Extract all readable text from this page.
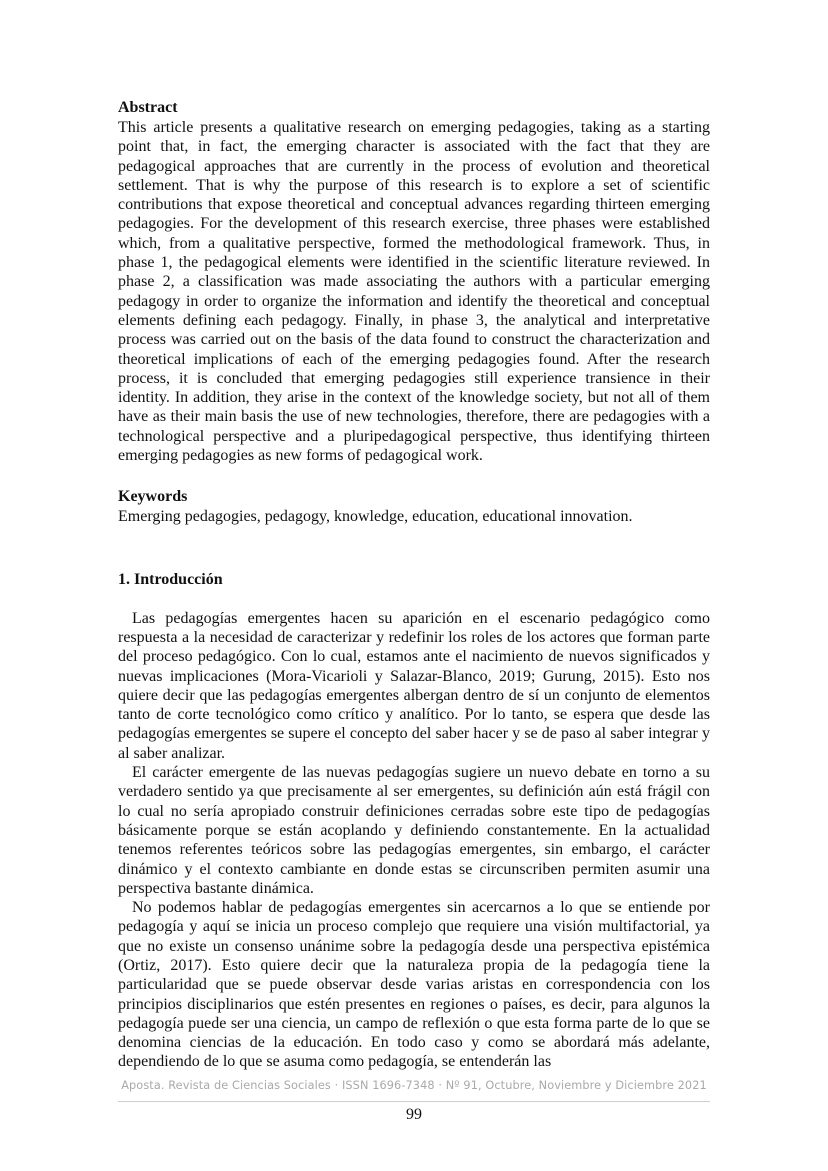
Abstract

This article presents a qualitative research on emerging pedagogies, taking as a starting point that, in fact, the emerging character is associated with the fact that they are pedagogical approaches that are currently in the process of evolution and theoretical settlement. That is why the purpose of this research is to explore a set of scientific contributions that expose theoretical and conceptual advances regarding thirteen emerging pedagogies. For the development of this research exercise, three phases were established which, from a qualitative perspective, formed the methodological framework. Thus, in phase 1, the pedagogical elements were identified in the scientific literature reviewed. In phase 2, a classification was made associating the authors with a particular emerging pedagogy in order to organize the information and identify the theoretical and conceptual elements defining each pedagogy. Finally, in phase 3, the analytical and interpretative process was carried out on the basis of the data found to construct the characterization and theoretical implications of each of the emerging pedagogies found. After the research process, it is concluded that emerging pedagogies still experience transience in their identity. In addition, they arise in the context of the knowledge society, but not all of them have as their main basis the use of new technologies, therefore, there are pedagogies with a technological perspective and a pluripedagogical perspective, thus identifying thirteen emerging pedagogies as new forms of pedagogical work.

Keywords

Emerging pedagogies, pedagogy, knowledge, education, educational innovation.

1. Introducción

Las pedagogías emergentes hacen su aparición en el escenario pedagógico como respuesta a la necesidad de caracterizar y redefinir los roles de los actores que forman parte del proceso pedagógico. Con lo cual, estamos ante el nacimiento de nuevos significados y nuevas implicaciones (Mora-Vicarioli y Salazar-Blanco, 2019; Gurung, 2015). Esto nos quiere decir que las pedagogías emergentes albergan dentro de sí un conjunto de elementos tanto de corte tecnológico como crítico y analítico. Por lo tanto, se espera que desde las pedagogías emergentes se supere el concepto del saber hacer y se de paso al saber integrar y al saber analizar.

El carácter emergente de las nuevas pedagogías sugiere un nuevo debate en torno a su verdadero sentido ya que precisamente al ser emergentes, su definición aún está frágil con lo cual no sería apropiado construir definiciones cerradas sobre este tipo de pedagogías básicamente porque se están acoplando y definiendo constantemente. En la actualidad tenemos referentes teóricos sobre las pedagogías emergentes, sin embargo, el carácter dinámico y el contexto cambiante en donde estas se circunscriben permiten asumir una perspectiva bastante dinámica.

No podemos hablar de pedagogías emergentes sin acercarnos a lo que se entiende por pedagogía y aquí se inicia un proceso complejo que requiere una visión multifactorial, ya que no existe un consenso unánime sobre la pedagogía desde una perspectiva epistémica (Ortiz, 2017). Esto quiere decir que la naturaleza propia de la pedagogía tiene la particularidad que se puede observar desde varias aristas en correspondencia con los principios disciplinarios que estén presentes en regiones o países, es decir, para algunos la pedagogía puede ser una ciencia, un campo de reflexión o que esta forma parte de lo que se denomina ciencias de la educación. En todo caso y como se abordará más adelante, dependiendo de lo que se asuma como pedagogía, se entenderán las

Aposta. Revista de Ciencias Sociales · ISSN 1696-7348 · Nº 91, Octubre, Noviembre y Diciembre 2021
99
